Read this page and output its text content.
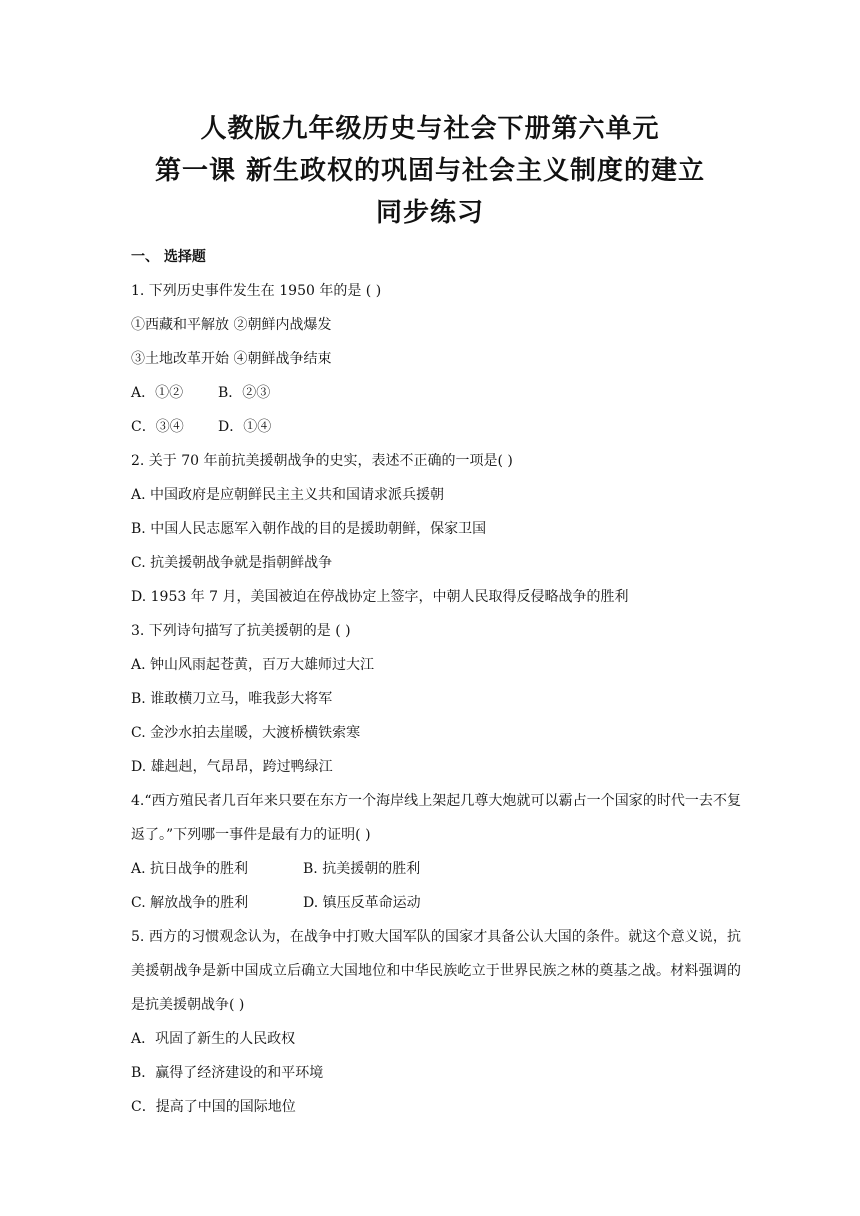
人教版九年级历史与社会下册第六单元
第一课 新生政权的巩固与社会主义制度的建立
同步练习
一、 选择题
1. 下列历史事件发生在 1950 年的是 ( )
①西藏和平解放 ②朝鲜内战爆发
③土地改革开始 ④朝鲜战争结束
A．①②	B．②③
C．③④	D．①④
2. 关于 70 年前抗美援朝战争的史实，表述不正确的一项是( )
A. 中国政府是应朝鲜民主主义共和国请求派兵援朝
B. 中国人民志愿军入朝作战的目的是援助朝鲜，保家卫国
C. 抗美援朝战争就是指朝鲜战争
D. 1953 年 7 月，美国被迫在停战协定上签字，中朝人民取得反侵略战争的胜利
3. 下列诗句描写了抗美援朝的是 ( )
A. 钟山风雨起苍黄，百万大雄师过大江
B. 谁敢横刀立马，唯我彭大将军
C. 金沙水拍去崖暖，大渡桥横铁索寒
D. 雄赳赳，气昂昂，跨过鸭绿江
4.“西方殖民者几百年来只要在东方一个海岸线上架起几尊大炮就可以霸占一个国家的时代一去不复返了。”下列哪一事件是最有力的证明( )
A. 抗日战争的胜利	B. 抗美援朝的胜利
C. 解放战争的胜利	D. 镇压反革命运动
5. 西方的习惯观念认为，在战争中打败大国军队的国家才具备公认大国的条件。就这个意义说，抗美援朝战争是新中国成立后确立大国地位和中华民族屹立于世界民族之林的奠基之战。材料强调的是抗美援朝战争( )
A．巩固了新生的人民政权
B．赢得了经济建设的和平环境
C．提高了中国的国际地位
